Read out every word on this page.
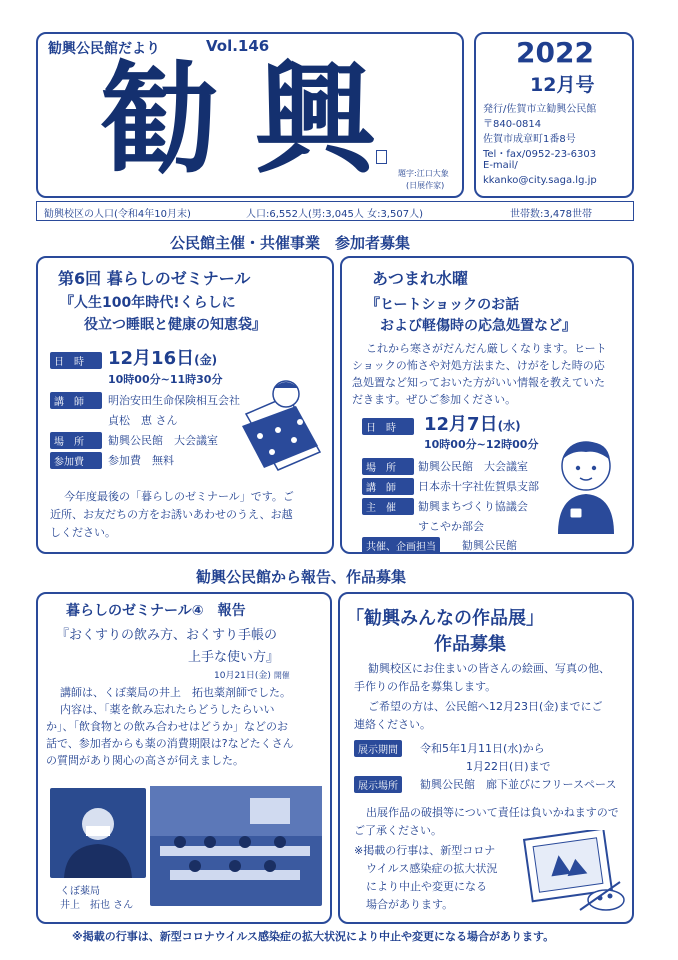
勧興公民館だより	Vol.146
勧 興	題字:江口大象
(日展作家)
2022
12月号
発行/佐賀市立勧興公民館
〒840-0814
佐賀市成章町1番8号
Tel・fax/0952-23-6303
E-mail/
kkanko@city.saga.lg.jp
勧興校区の人口(令和4年10月末)	人口:6,552人(男:3,045人 女:3,507人)	世帯数:3,478世帯
公民館主催・共催事業　参加者募集
第6回 暮らしのゼミナール
『人生100年時代!くらしに
役立つ睡眠と健康の知恵袋』
日　時	12月16日(金)
10時00分~11時30分
講　師	明治安田生命保険相互会社
貞松　恵 さん
場　所	勧興公民館　大会議室
参加費	参加費　無料
今年度最後の「暮らしのゼミナール」です。ご
近所、お友だちの方をお誘いあわせのうえ、お越
しください。
あつまれ水曜
『ヒートショックのお話
および軽傷時の応急処置など』
これから寒さがだんだん厳しくなります。ヒート
ショックの怖さや対処方法また、けがをした時の応
急処置など知っておいた方がいい情報を教えていた
だきます。ぜひご参加ください。
日　時	12月7日(水)
10時00分~12時00分
場　所	勧興公民館　大会議室
講　師	日本赤十字社佐賀県支部
主　催	勧興まちづくり協議会
すこやか部会
共催、企画担当	勧興公民館
勧興公民館から報告、作品募集
暮らしのゼミナール④　報告
『おくすりの飲み方、おくすり手帳の
上手な使い方』
10月21日(金) 開催
講師は、くぼ薬局の井上　拓也薬剤師でした。
内容は、「薬を飲み忘れたらどうしたらいい
か」、「飲食物との飲み合わせはどうか」などのお
話で、参加者からも薬の消費期限は?などたくさん
の質問があり関心の高さが伺えました。
くぼ薬局
井上　拓也 さん
「勧興みんなの作品展」
作品募集
勧興校区にお住まいの皆さんの絵画、写真の他、
手作りの作品を募集します。
ご希望の方は、公民館へ12月23日(金)までにご
連絡ください。
展示期間	令和5年1月11日(水)から
1月22日(日)まで
展示場所	勧興公民館　廊下並びにフリースペース
出展作品の破損等について責任は負いかねますので
ご了承ください。
※掲載の行事は、新型コロナ
ウイルス感染症の拡大状況
により中止や変更になる
場合があります。
※掲載の行事は、新型コロナウイルス感染症の拡大状況により中止や変更になる場合があります。
